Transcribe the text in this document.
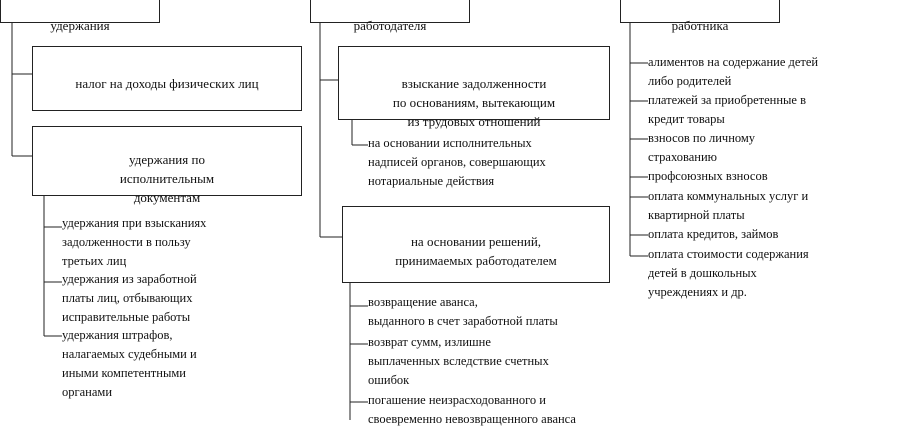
удержания	работодателя	работника

налог на доходы физических лиц

удержания по
исполнительным
документам

удержания при взысканиях
задолженности в пользу
третьих лиц
удержания из заработной
платы лиц, отбывающих
исправительные работы
удержания штрафов,
налагаемых судебными и
иными компетентными
органами

взыскание задолженности
по основаниям, вытекающим
из трудовых отношений

на основании исполнительных
надписей органов, совершающих
нотариальные действия

на основании решений,
принимаемых работодателем

возвращение аванса,
выданного в счет заработной платы
возврат сумм, излишне
выплаченных вследствие счетных
ошибок
погашение неизрасходованного и
своевременно невозвращенного аванса
алиментов на содержание детей
либо родителей
платежей за приобретенные в
кредит товары
взносов по личному
страхованию
профсоюзных взносов
оплата коммунальных услуг и
квартирной платы
оплата кредитов, займов
оплата стоимости содержания
детей в дошкольных
учреждениях и др.
